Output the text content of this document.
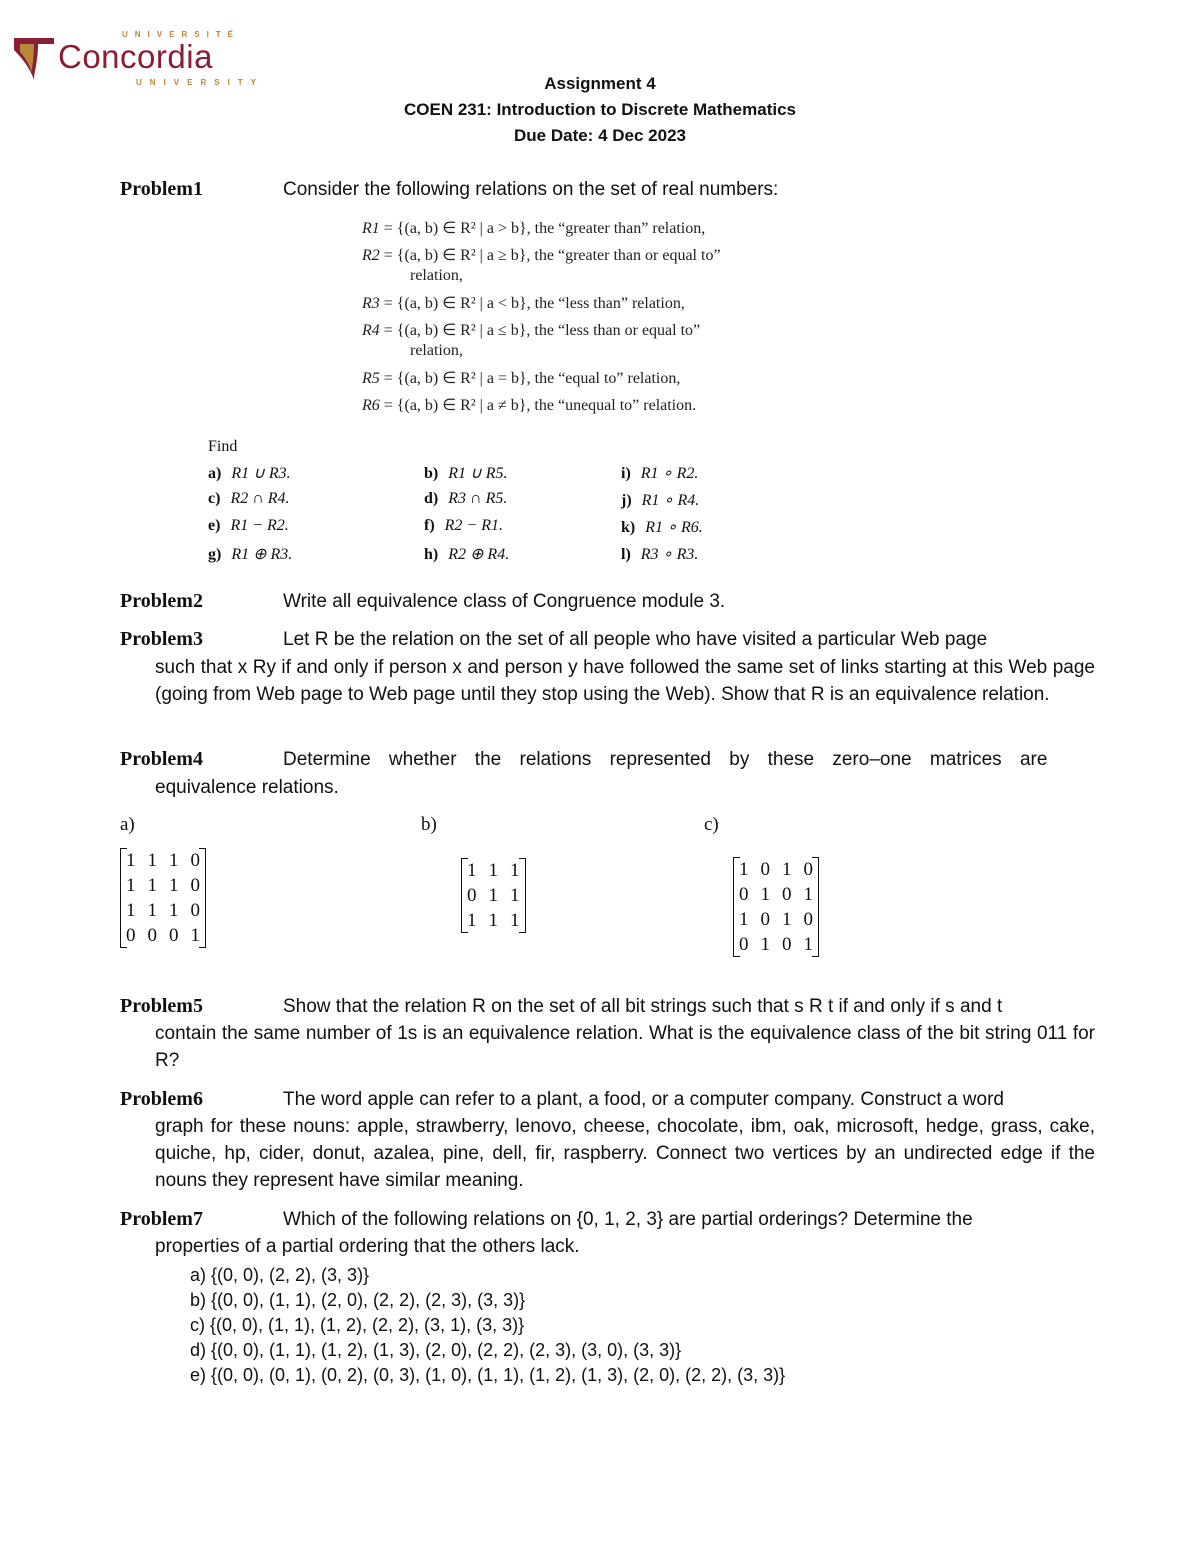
UNIVERSITÉ
Concordia
UNIVERSITY	Assignment 4
COEN 231: Introduction to Discrete Mathematics
Due Date: 4 Dec 2023
Problem1	Consider the following relations on the set of real numbers:
R1 = {(a, b) ∈ R² | a > b}, the “greater than” relation,
R2 = {(a, b) ∈ R² | a ≥ b}, the “greater than or equal to”
relation,
R3 = {(a, b) ∈ R² | a < b}, the “less than” relation,
R4 = {(a, b) ∈ R² | a ≤ b}, the “less than or equal to”
relation,
R5 = {(a, b) ∈ R² | a = b}, the “equal to” relation,
R6 = {(a, b) ∈ R² | a ≠ b}, the “unequal to” relation.
Find
a) R1 ∪ R3.	b) R1 ∪ R5.	i) R1 ∘ R2.
c) R2 ∩ R4.	d) R3 ∩ R5.	j) R1 ∘ R4.
e) R1 − R2.	f) R2 − R1.	k) R1 ∘ R6.
g) R1 ⊕ R3.	h) R2 ⊕ R4.	l) R3 ∘ R3.
Problem2	Write all equivalence class of Congruence module 3.
Problem3	Let R be the relation on the set of all people who have visited a particular Web page
such that x Ry if and only if person x and person y have followed the same set of links starting at this Web page (going from Web page to Web page until they stop using the Web). Show that R is an equivalence relation.
Problem4	Determine whether the relations represented by these zero–one matrices are
equivalence relations.
a)	b)	c)
1	1	1	0
1	1	1	0
1	1	1	0
0	0	0	1
1	1	1
0	1	1
1	1	1
1	0	1	0
0	1	0	1
1	0	1	0
0	1	0	1
Problem5	Show that the relation R on the set of all bit strings such that s R t if and only if s and t
contain the same number of 1s is an equivalence relation. What is the equivalence class of the bit string 011 for R?
Problem6	The word apple can refer to a plant, a food, or a computer company. Construct a word
graph for these nouns: apple, strawberry, lenovo, cheese, chocolate, ibm, oak, microsoft, hedge, grass, cake, quiche, hp, cider, donut, azalea, pine, dell, fir, raspberry. Connect two vertices by an undirected edge if the nouns they represent have similar meaning.
Problem7	Which of the following relations on {0, 1, 2, 3} are partial orderings? Determine the
properties of a partial ordering that the others lack.
a) {(0, 0), (2, 2), (3, 3)}
b) {(0, 0), (1, 1), (2, 0), (2, 2), (2, 3), (3, 3)}
c) {(0, 0), (1, 1), (1, 2), (2, 2), (3, 1), (3, 3)}
d) {(0, 0), (1, 1), (1, 2), (1, 3), (2, 0), (2, 2), (2, 3), (3, 0), (3, 3)}
e) {(0, 0), (0, 1), (0, 2), (0, 3), (1, 0), (1, 1), (1, 2), (1, 3), (2, 0), (2, 2), (3, 3)}
